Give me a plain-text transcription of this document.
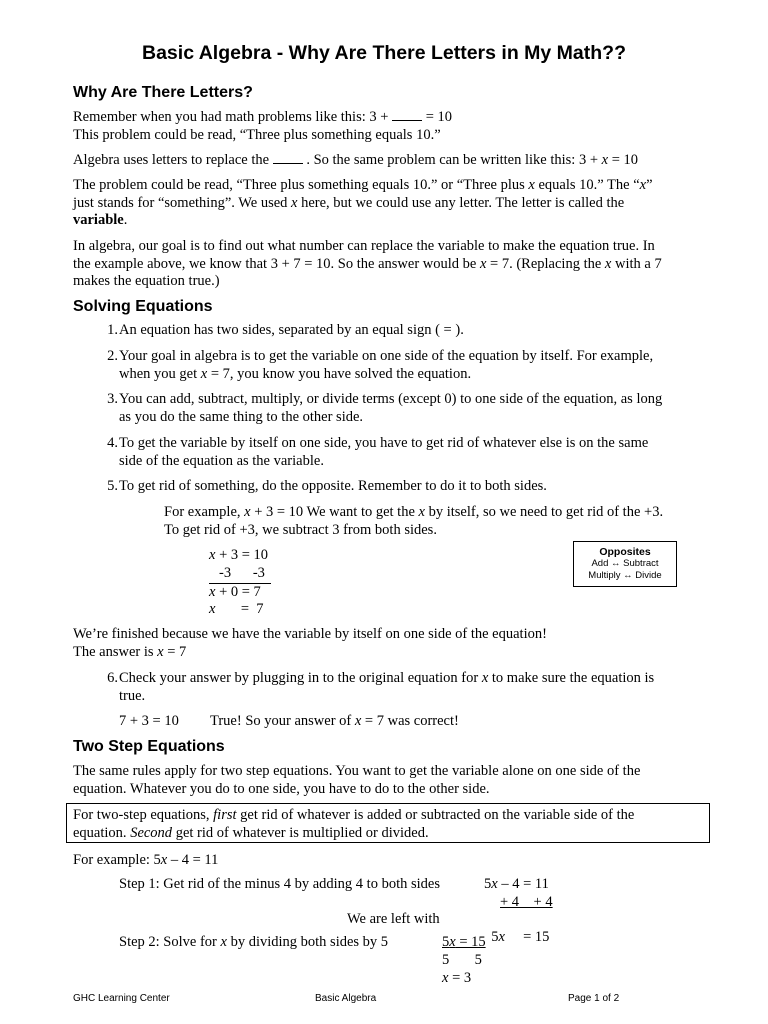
Basic Algebra - Why Are There Letters in My Math??
Why Are There Letters?
Remember when you had math problems like this: 3 +  = 10
This problem could be read, “Three plus something equals 10.”
Algebra uses letters to replace the  . So the same problem can be written like this: 3 + x = 10
The problem could be read, “Three plus something equals 10.” or “Three plus x equals 10.” The “x”
just stands for “something”. We used x here, but we could use any letter. The letter is called the
variable.
In algebra, our goal is to find out what number can replace the variable to make the equation true. In
the example above, we know that 3 + 7 = 10. So the answer would be x = 7. (Replacing the x with a 7
makes the equation true.)
Solving Equations
1. An equation has two sides, separated by an equal sign ( = ).
2. Your goal in algebra is to get the variable on one side of the equation by itself. For example,
when you get x = 7, you know you have solved the equation.
3. You can add, subtract, multiply, or divide terms (except 0) to one side of the equation, as long
as you do the same thing to the other side.
4. To get the variable by itself on one side, you have to get rid of whatever else is on the same
side of the equation as the variable.
5. To get rid of something, do the opposite. Remember to do it to both sides.
For example, x + 3 = 10 We want to get the x by itself, so we need to get rid of the +3.
To get rid of +3, we subtract 3 from both sides.
x + 3 = 10
-3      -3
x + 0 = 7
x       =  7
Opposites
Add ↔ Subtract
Multiply ↔ Divide
We’re finished because we have the variable by itself on one side of the equation!
The answer is x = 7
6. Check your answer by plugging in to the original equation for x to make sure the equation is
true.
7 + 3 = 10 True! So your answer of x = 7 was correct!
Two Step Equations
The same rules apply for two step equations. You want to get the variable alone on one side of the
equation. Whatever you do to one side, you have to do to the other side.
For two-step equations, first get rid of whatever is added or subtracted on the variable side of the
equation. Second get rid of whatever is multiplied or divided.
For example: 5x – 4 = 11
Step 1: Get rid of the minus 4 by adding 4 to both sides	5x – 4 = 11
+ 4    + 4
We are left with

5x     = 15

Step 2: Solve for x by dividing both sides by 5	5x = 15
5       5
x = 3
GHC Learning Center	Basic Algebra	Page 1 of 2
